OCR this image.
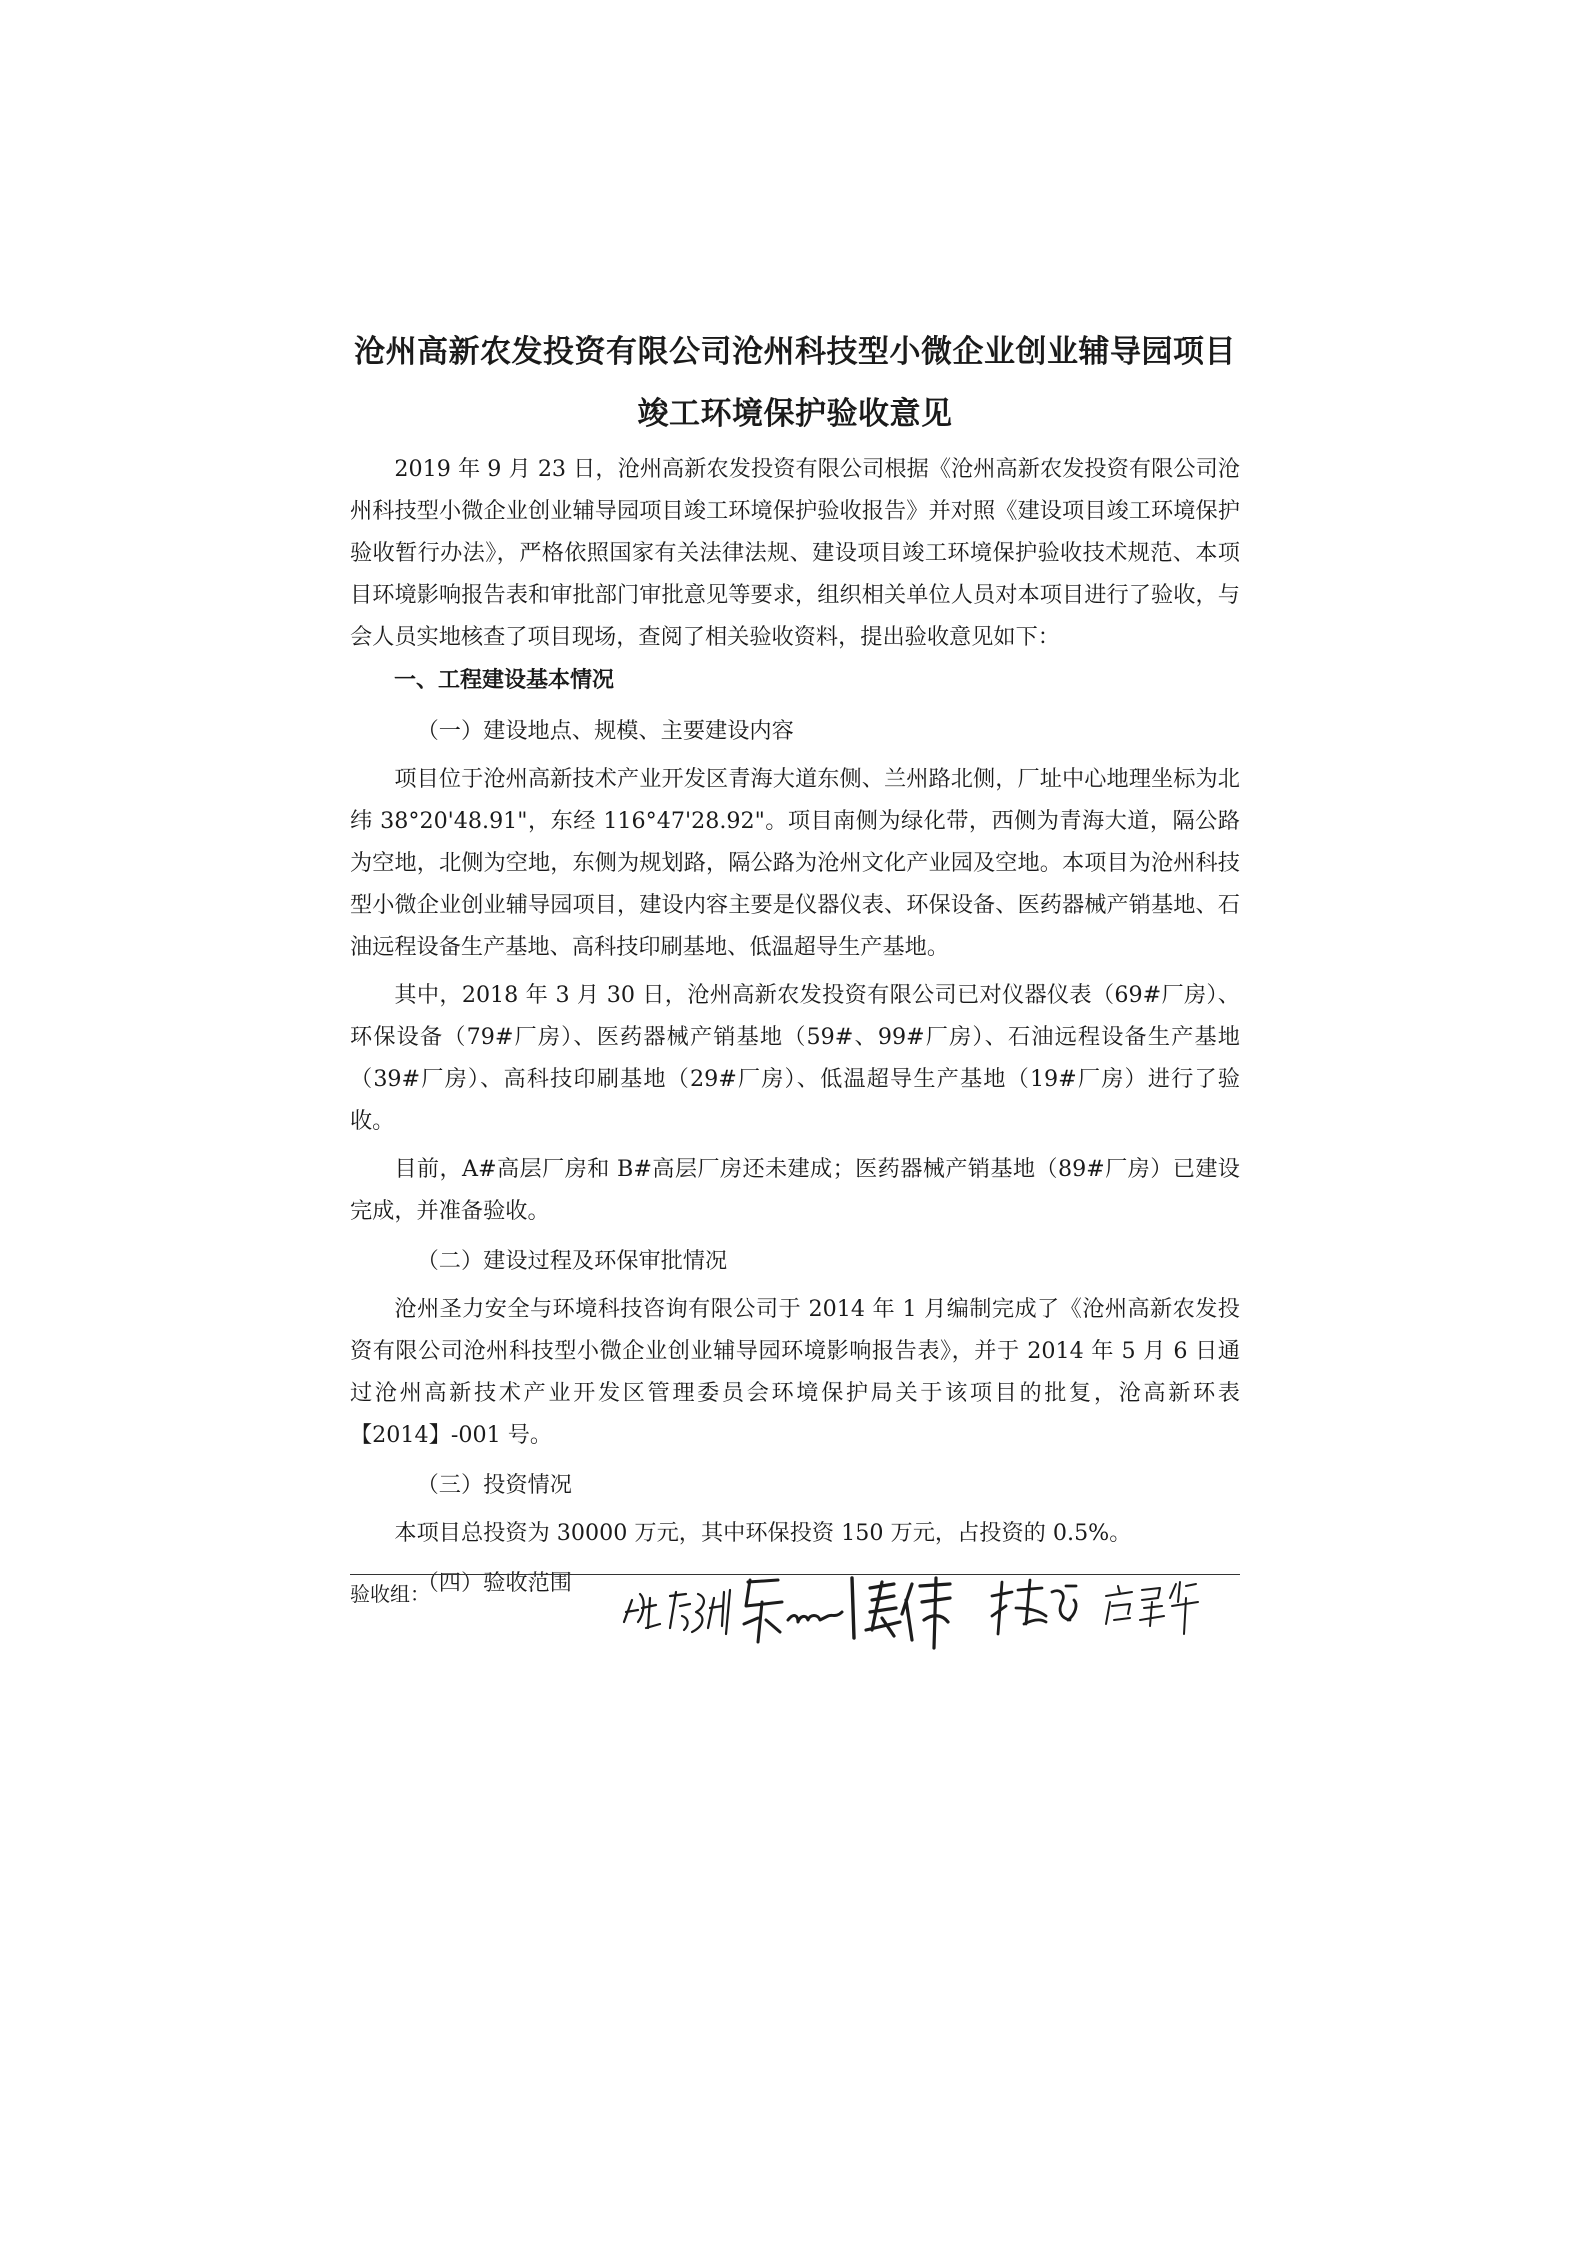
沧州高新农发投资有限公司沧州科技型小微企业创业辅导园项目
竣工环境保护验收意见

2019 年 9 月 23 日，沧州高新农发投资有限公司根据《沧州高新农发投资有限公司沧州科技型小微企业创业辅导园项目竣工环境保护验收报告》并对照《建设项目竣工环境保护验收暂行办法》，严格依照国家有关法律法规、建设项目竣工环境保护验收技术规范、本项目环境影响报告表和审批部门审批意见等要求，组织相关单位人员对本项目进行了验收，与会人员实地核查了项目现场，查阅了相关验收资料，提出验收意见如下：

一、工程建设基本情况

（一）建设地点、规模、主要建设内容

项目位于沧州高新技术产业开发区青海大道东侧、兰州路北侧，厂址中心地理坐标为北纬 38°20'48.91"，东经 116°47'28.92"。项目南侧为绿化带，西侧为青海大道，隔公路为空地，北侧为空地，东侧为规划路，隔公路为沧州文化产业园及空地。本项目为沧州科技型小微企业创业辅导园项目，建设内容主要是仪器仪表、环保设备、医药器械产销基地、石油远程设备生产基地、高科技印刷基地、低温超导生产基地。

其中，2018 年 3 月 30 日，沧州高新农发投资有限公司已对仪器仪表（69#厂房）、环保设备（79#厂房）、医药器械产销基地（59#、99#厂房）、石油远程设备生产基地（39#厂房）、高科技印刷基地（29#厂房）、低温超导生产基地（19#厂房）进行了验收。

目前，A#高层厂房和 B#高层厂房还未建成；医药器械产销基地（89#厂房）已建设完成，并准备验收。

（二）建设过程及环保审批情况

沧州圣力安全与环境科技咨询有限公司于 2014 年 1 月编制完成了《沧州高新农发投资有限公司沧州科技型小微企业创业辅导园环境影响报告表》，并于 2014 年 5 月 6 日通过沧州高新技术产业开发区管理委员会环境保护局关于该项目的批复，沧高新环表【2014】-001 号。

（三）投资情况

本项目总投资为 30000 万元，其中环保投资 150 万元，占投资的 0.5%。

（四）验收范围

验收组：
